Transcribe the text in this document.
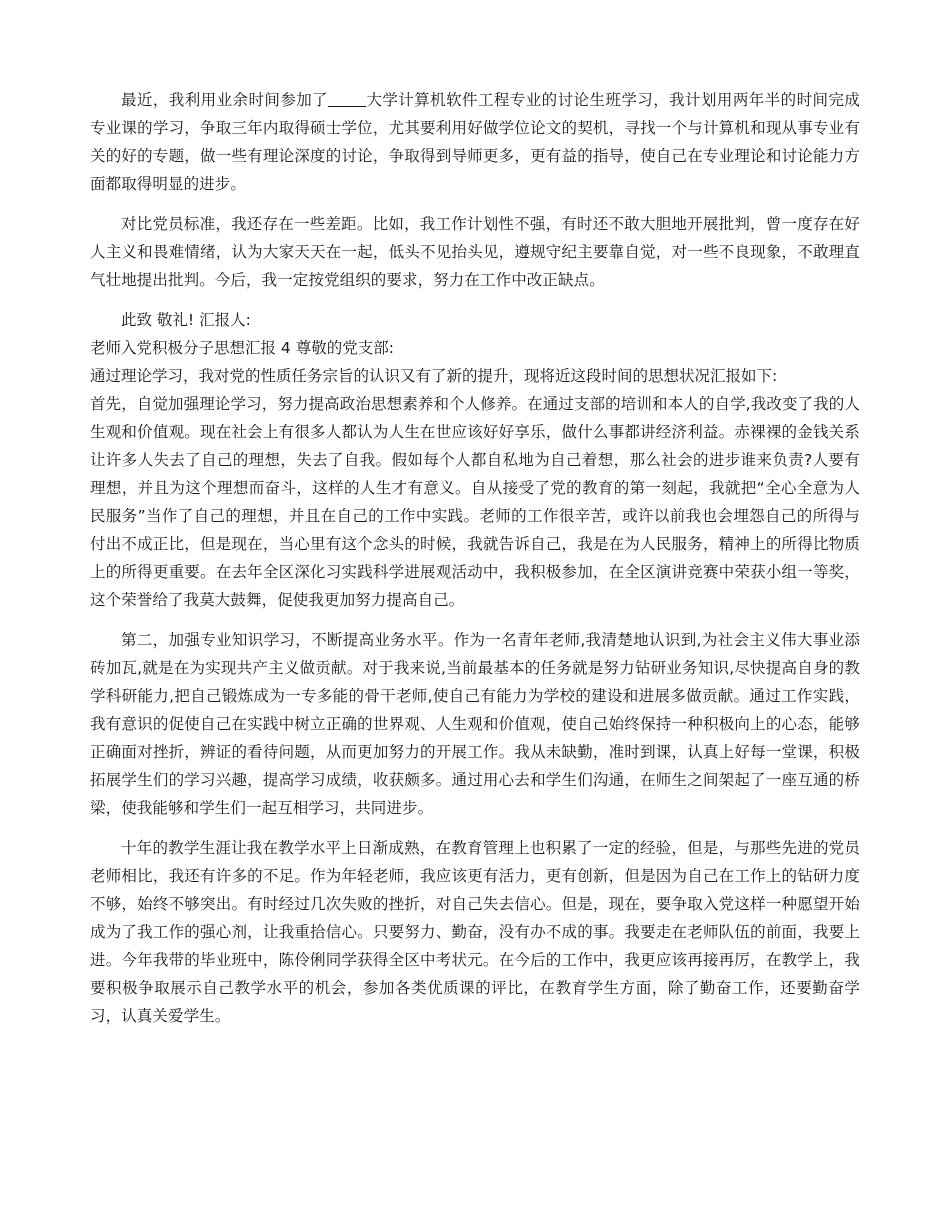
最近，我利用业余时间参加了 大学计算机软件工程专业的讨论生班学习，我计划用两年半的时间完成专业课的学习，争取三年内取得硕士学位，尤其要利用好做学位论文的契机，寻找一个与计算机和现从事专业有关的好的专题，做一些有理论深度的讨论，争取得到导师更多，更有益的指导，使自己在专业理论和讨论能力方面都取得明显的进步。

对比党员标准，我还存在一些差距。比如，我工作计划性不强，有时还不敢大胆地开展批判，曾一度存在好人主义和畏难情绪，认为大家天天在一起，低头不见抬头见，遵规守纪主要靠自觉，对一些不良现象，不敢理直气壮地提出批判。今后，我一定按党组织的要求，努力在工作中改正缺点。

此致 敬礼! 汇报人:

老师入党积极分子思想汇报 4 尊敬的党支部:

通过理论学习，我对党的性质任务宗旨的认识又有了新的提升，现将近这段时间的思想状况汇报如下:

首先，自觉加强理论学习，努力提高政治思想素养和个人修养。在通过支部的培训和本人的自学,我改变了我的人生观和价值观。现在社会上有很多人都认为人生在世应该好好享乐，做什么事都讲经济利益。赤裸裸的金钱关系让许多人失去了自己的理想，失去了自我。假如每个人都自私地为自己着想，那么社会的进步谁来负责?人要有理想，并且为这个理想而奋斗，这样的人生才有意义。自从接受了党的教育的第一刻起，我就把“全心全意为人民服务”当作了自己的理想，并且在自己的工作中实践。老师的工作很辛苦，或许以前我也会埋怨自己的所得与付出不成正比，但是现在，当心里有这个念头的时候，我就告诉自己，我是在为人民服务，精神上的所得比物质上的所得更重要。在去年全区深化习实践科学进展观活动中，我积极参加，在全区演讲竞赛中荣获小组一等奖，这个荣誉给了我莫大鼓舞，促使我更加努力提高自己。

第二，加强专业知识学习，不断提高业务水平。作为一名青年老师,我清楚地认识到,为社会主义伟大事业添砖加瓦,就是在为实现共产主义做贡献。对于我来说,当前最基本的任务就是努力钻研业务知识,尽快提高自身的教学科研能力,把自己锻炼成为一专多能的骨干老师,使自己有能力为学校的建设和进展多做贡献。通过工作实践，我有意识的促使自己在实践中树立正确的世界观、人生观和价值观，使自己始终保持一种积极向上的心态，能够正确面对挫折，辨证的看待问题，从而更加努力的开展工作。我从未缺勤，准时到课，认真上好每一堂课，积极拓展学生们的学习兴趣，提高学习成绩，收获颇多。通过用心去和学生们沟通，在师生之间架起了一座互通的桥梁，使我能够和学生们一起互相学习，共同进步。

十年的教学生涯让我在教学水平上日渐成熟，在教育管理上也积累了一定的经验，但是，与那些先进的党员老师相比，我还有许多的不足。作为年轻老师，我应该更有活力，更有创新，但是因为自己在工作上的钻研力度不够，始终不够突出。有时经过几次失败的挫折，对自己失去信心。但是，现在，要争取入党这样一种愿望开始成为了我工作的强心剂，让我重拾信心。只要努力、勤奋，没有办不成的事。我要走在老师队伍的前面，我要上进。今年我带的毕业班中，陈伶俐同学获得全区中考状元。在今后的工作中，我更应该再接再厉，在教学上，我要积极争取展示自己教学水平的机会，参加各类优质课的评比，在教育学生方面，除了勤奋工作，还要勤奋学习，认真关爱学生。
